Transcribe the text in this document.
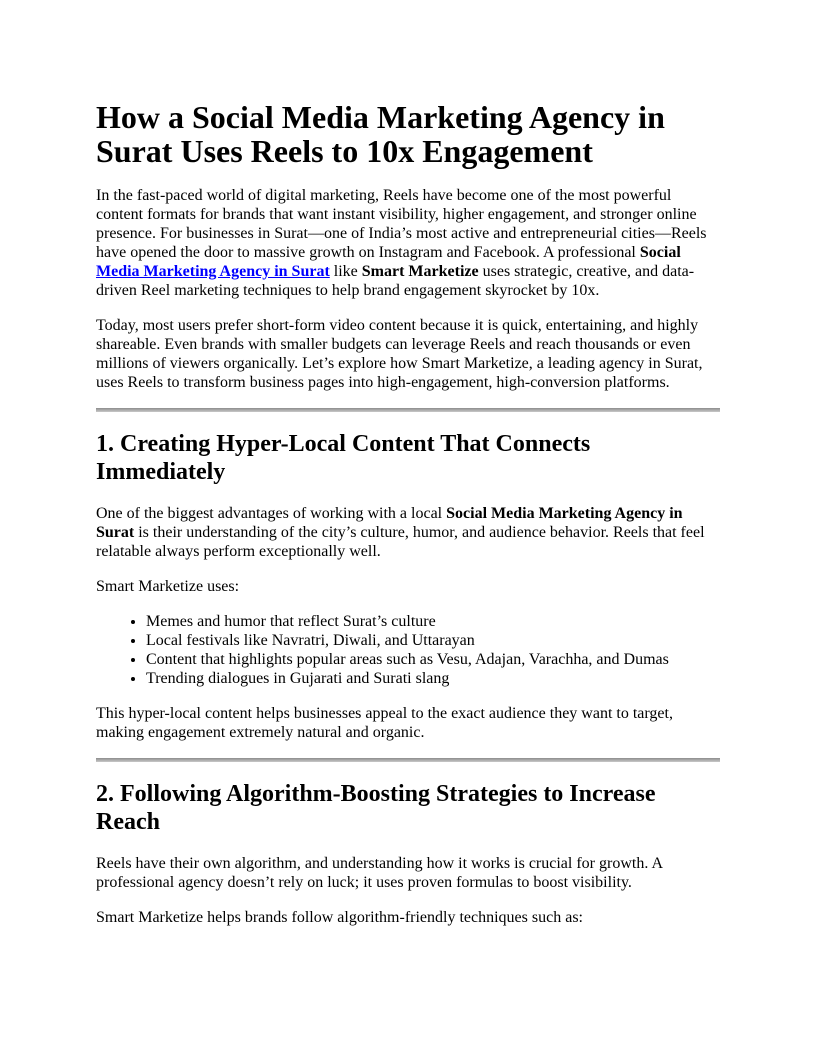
How a Social Media Marketing Agency in Surat Uses Reels to 10x Engagement

In the fast-paced world of digital marketing, Reels have become one of the most powerful content formats for brands that want instant visibility, higher engagement, and stronger online presence. For businesses in Surat—one of India’s most active and entrepreneurial cities—Reels have opened the door to massive growth on Instagram and Facebook. A professional Social Media Marketing Agency in Surat like Smart Marketize uses strategic, creative, and data-driven Reel marketing techniques to help brand engagement skyrocket by 10x.

Today, most users prefer short-form video content because it is quick, entertaining, and highly shareable. Even brands with smaller budgets can leverage Reels and reach thousands or even millions of viewers organically. Let’s explore how Smart Marketize, a leading agency in Surat, uses Reels to transform business pages into high-engagement, high-conversion platforms.

1. Creating Hyper-Local Content That Connects Immediately

One of the biggest advantages of working with a local Social Media Marketing Agency in Surat is their understanding of the city’s culture, humor, and audience behavior. Reels that feel relatable always perform exceptionally well.

Smart Marketize uses:

• Memes and humor that reflect Surat’s culture
• Local festivals like Navratri, Diwali, and Uttarayan
• Content that highlights popular areas such as Vesu, Adajan, Varachha, and Dumas
• Trending dialogues in Gujarati and Surati slang

This hyper-local content helps businesses appeal to the exact audience they want to target, making engagement extremely natural and organic.

2. Following Algorithm-Boosting Strategies to Increase Reach

Reels have their own algorithm, and understanding how it works is crucial for growth. A professional agency doesn’t rely on luck; it uses proven formulas to boost visibility.

Smart Marketize helps brands follow algorithm-friendly techniques such as:
